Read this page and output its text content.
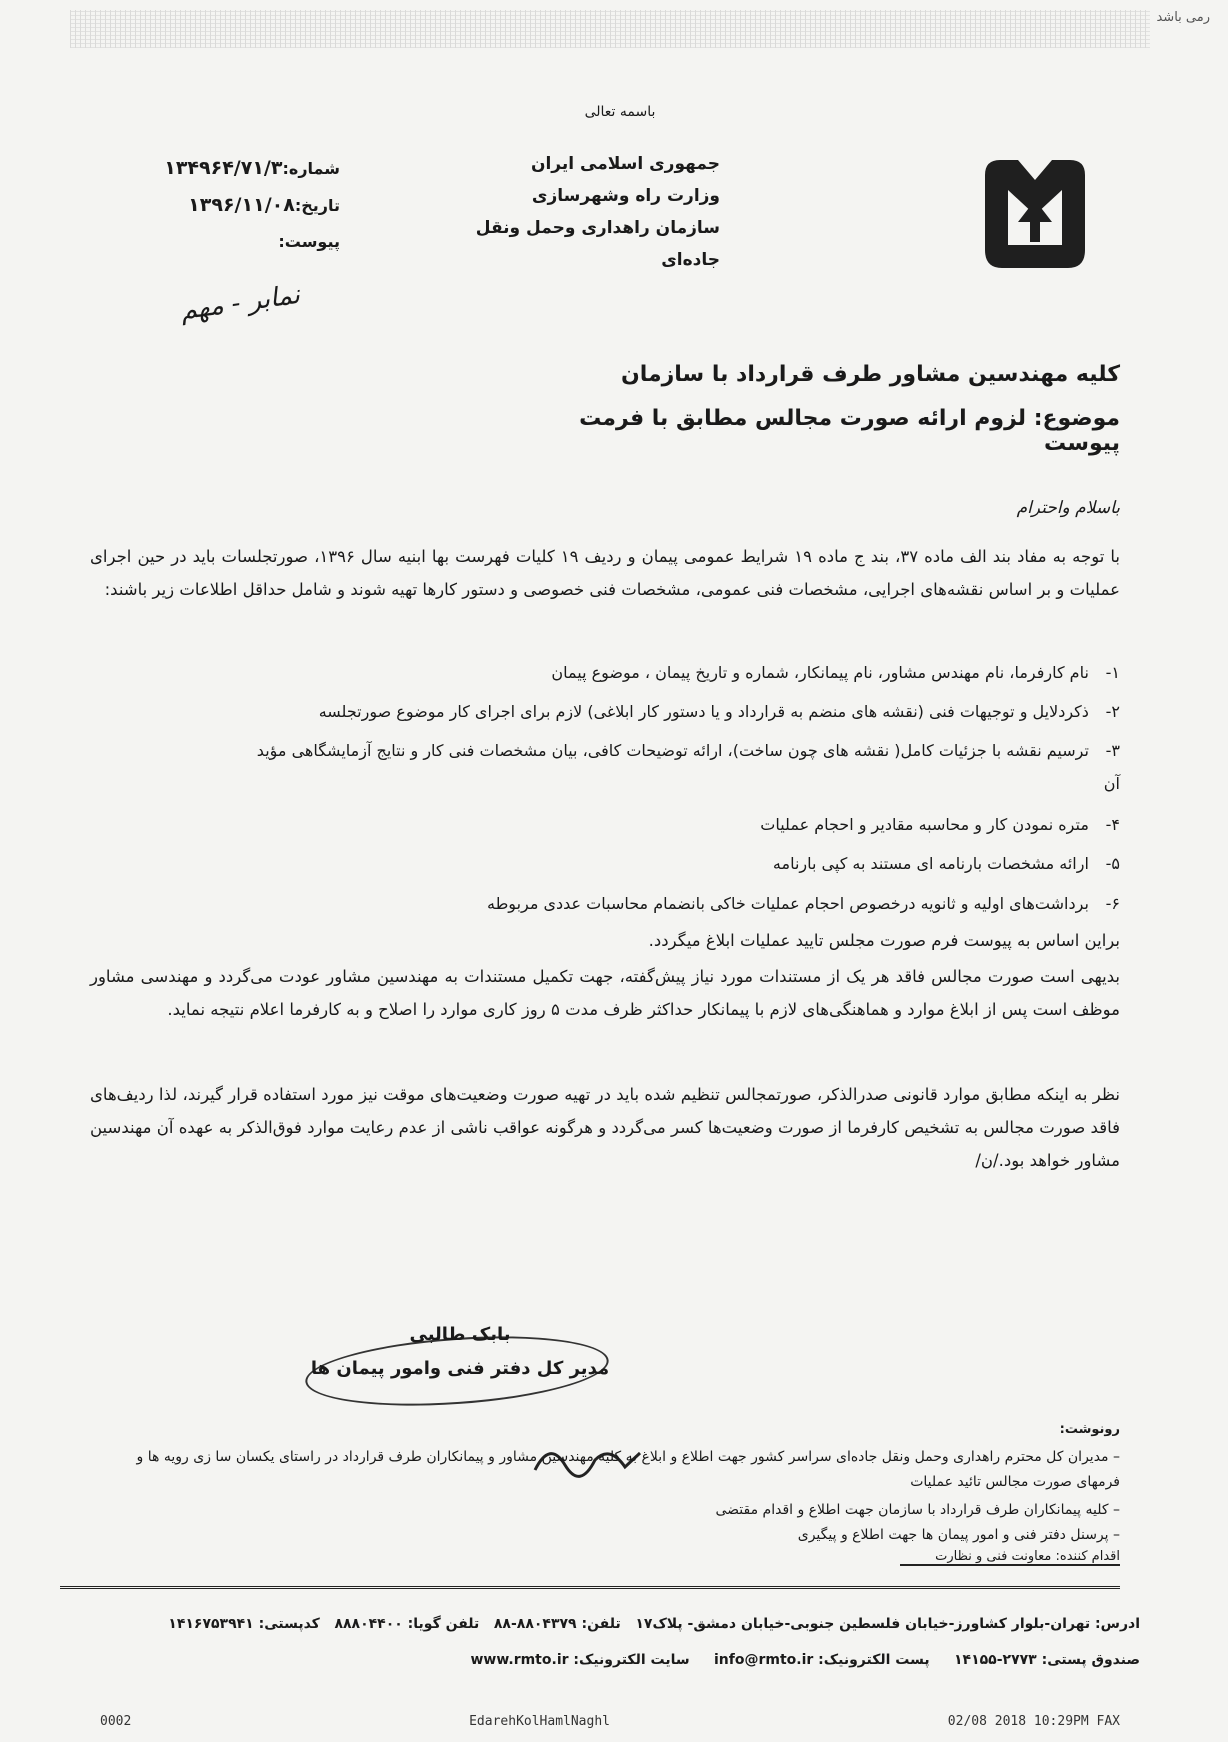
رمی باشد
باسمه تعالی
جمهوری اسلامی ایران
وزارت راه وشهرسازی
سازمان راهداری وحمل ونقل جاده‌ای
شماره:۱۳۴۹۶۴/۷۱/۳
تاریخ:۱۳۹۶/۱۱/۰۸
پیوست:
نمابر - مهم
کلیه مهندسین مشاور طرف قرارداد با سازمان
موضوع: لزوم ارائه صورت مجالس مطابق با فرمت پیوست
باسلام واحترام
با توجه به مفاد بند الف ماده ۳۷، بند ج ماده ۱۹ شرایط عمومی پیمان و ردیف ۱۹ کلیات فهرست بها ابنیه سال ۱۳۹۶، صورتجلسات باید در حین اجرای عملیات و بر اساس نقشه‌های اجرایی، مشخصات فنی عمومی، مشخصات فنی خصوصی و دستور کارها تهیه شوند و شامل حداقل اطلاعات زیر باشند:
۱- نام کارفرما، نام مهندس مشاور، نام پیمانکار، شماره و تاریخ پیمان ، موضوع پیمان
۲- ذکردلایل و توجیهات فنی (نقشه های منضم به قرارداد و یا دستور کار ابلاغی) لازم برای اجرای کار موضوع صورتجلسه
۳- ترسیم نقشه با جزئیات کامل( نقشه های چون ساخت)، ارائه توضیحات کافی، بیان مشخصات فنی کار و نتایج آزمایشگاهی مؤید آن
۴- متره نمودن کار و محاسبه مقادیر و احجام عملیات
۵- ارائه مشخصات بارنامه ای مستند به کپی بارنامه
۶- برداشت‌های اولیه و ثانویه درخصوص احجام عملیات خاکی بانضمام محاسبات عددی مربوطه
براین اساس به پیوست فرم صورت مجلس تایید عملیات ابلاغ میگردد.
بدیهی است صورت مجالس فاقد هر یک از مستندات مورد نیاز پیش‌گفته، جهت تکمیل مستندات به مهندسین مشاور عودت می‌گردد و مهندسی مشاور موظف است پس از ابلاغ موارد و هماهنگی‌های لازم با پیمانکار حداکثر ظرف مدت ۵ روز کاری موارد را اصلاح و به کارفرما اعلام نتیجه نماید.
نظر به اینکه مطابق موارد قانونی صدرالذکر، صورتمجالس تنظیم شده باید در تهیه صورت وضعیت‌های موقت نیز مورد استفاده قرار گیرند، لذا ردیف‌های فاقد صورت مجالس به تشخیص کارفرما از صورت وضعیت‌ها کسر می‌گردد و هرگونه عواقب ناشی از عدم رعایت موارد فوق‌الذکر به عهده آن مهندسین مشاور خواهد بود./ن/
بابک طالبی
مدیر کل دفتر فنی وامور پیمان ها
رونوشت:
– مدیران کل محترم راهداری وحمل ونقل جاده‌ای سراسر کشور جهت اطلاع و ابلاغ به کلیه مهندسین مشاور و پیمانکاران طرف قرارداد در راستای یکسان سا زی رویه ها و فرمهای صورت مجالس تائید عملیات
– کلیه پیمانکاران طرف قرارداد با سازمان جهت اطلاع و اقدام مقتضی
– پرسنل دفتر فنی و امور پیمان ها جهت اطلاع و پیگیری
اقدام کننده: معاونت فنی و نظارت
ادرس: تهران-بلوار کشاورز-خیابان فلسطین جنوبی-خیابان دمشق- پلاک۱۷   تلفن: ۸۸۰۴۳۷۹-۸۸   تلفن گویا: ۸۸۸۰۴۴۰۰   کدپستی: ۱۴۱۶۷۵۳۹۴۱
صندوق پستی: ۲۷۷۳-۱۴۱۵۵     پست الکترونیک: info@rmto.ir     سایت الکترونیک: www.rmto.ir
0002	EdarehKolHamlNaghl	02/08 2018 10:29PM FAX
